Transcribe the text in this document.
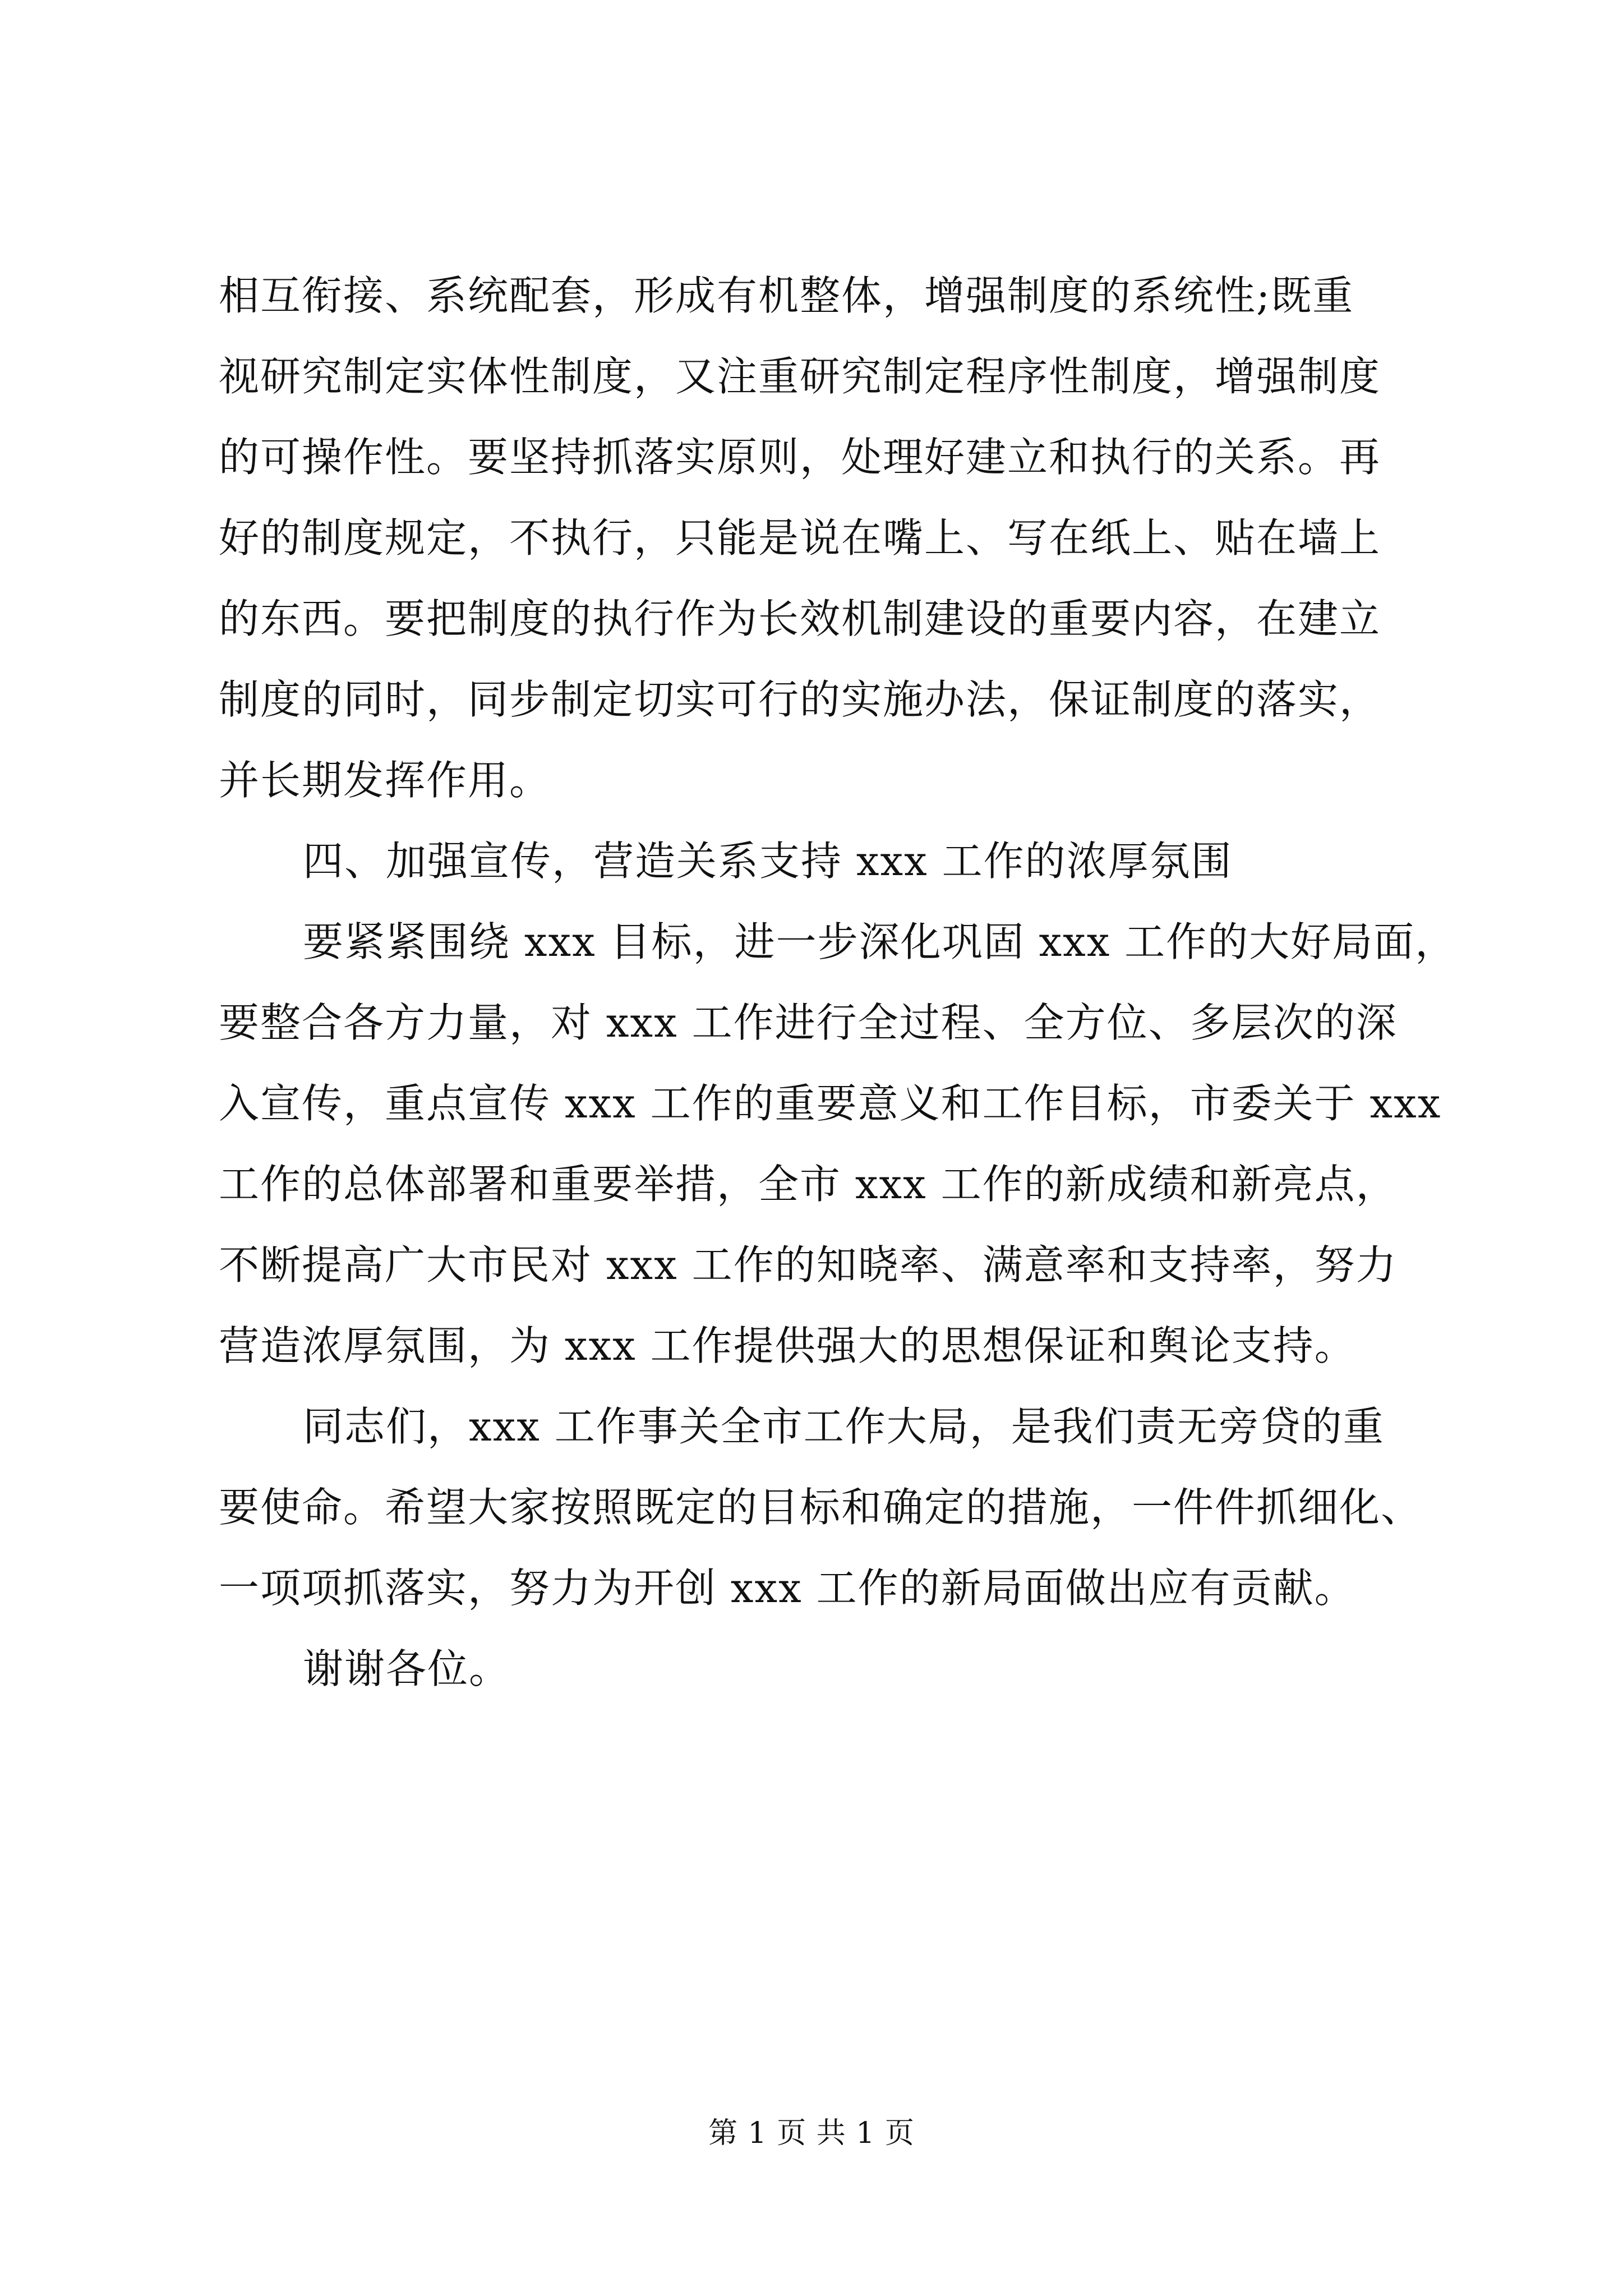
相互衔接、系统配套，形成有机整体，增强制度的系统性;既重
视研究制定实体性制度，又注重研究制定程序性制度，增强制度
的可操作性。要坚持抓落实原则，处理好建立和执行的关系。再
好的制度规定，不执行，只能是说在嘴上、写在纸上、贴在墙上
的东西。要把制度的执行作为长效机制建设的重要内容，在建立
制度的同时，同步制定切实可行的实施办法，保证制度的落实，
并长期发挥作用。
四、加强宣传，营造关系支持 xxx 工作的浓厚氛围
要紧紧围绕 xxx 目标，进一步深化巩固 xxx 工作的大好局面，
要整合各方力量，对 xxx 工作进行全过程、全方位、多层次的深
入宣传，重点宣传 xxx 工作的重要意义和工作目标，市委关于 xxx
工作的总体部署和重要举措，全市 xxx 工作的新成绩和新亮点，
不断提高广大市民对 xxx 工作的知晓率、满意率和支持率，努力
营造浓厚氛围，为 xxx 工作提供强大的思想保证和舆论支持。
同志们，xxx 工作事关全市工作大局，是我们责无旁贷的重
要使命。希望大家按照既定的目标和确定的措施，一件件抓细化、
一项项抓落实，努力为开创 xxx 工作的新局面做出应有贡献。
谢谢各位。
第 1 页 共 1 页
